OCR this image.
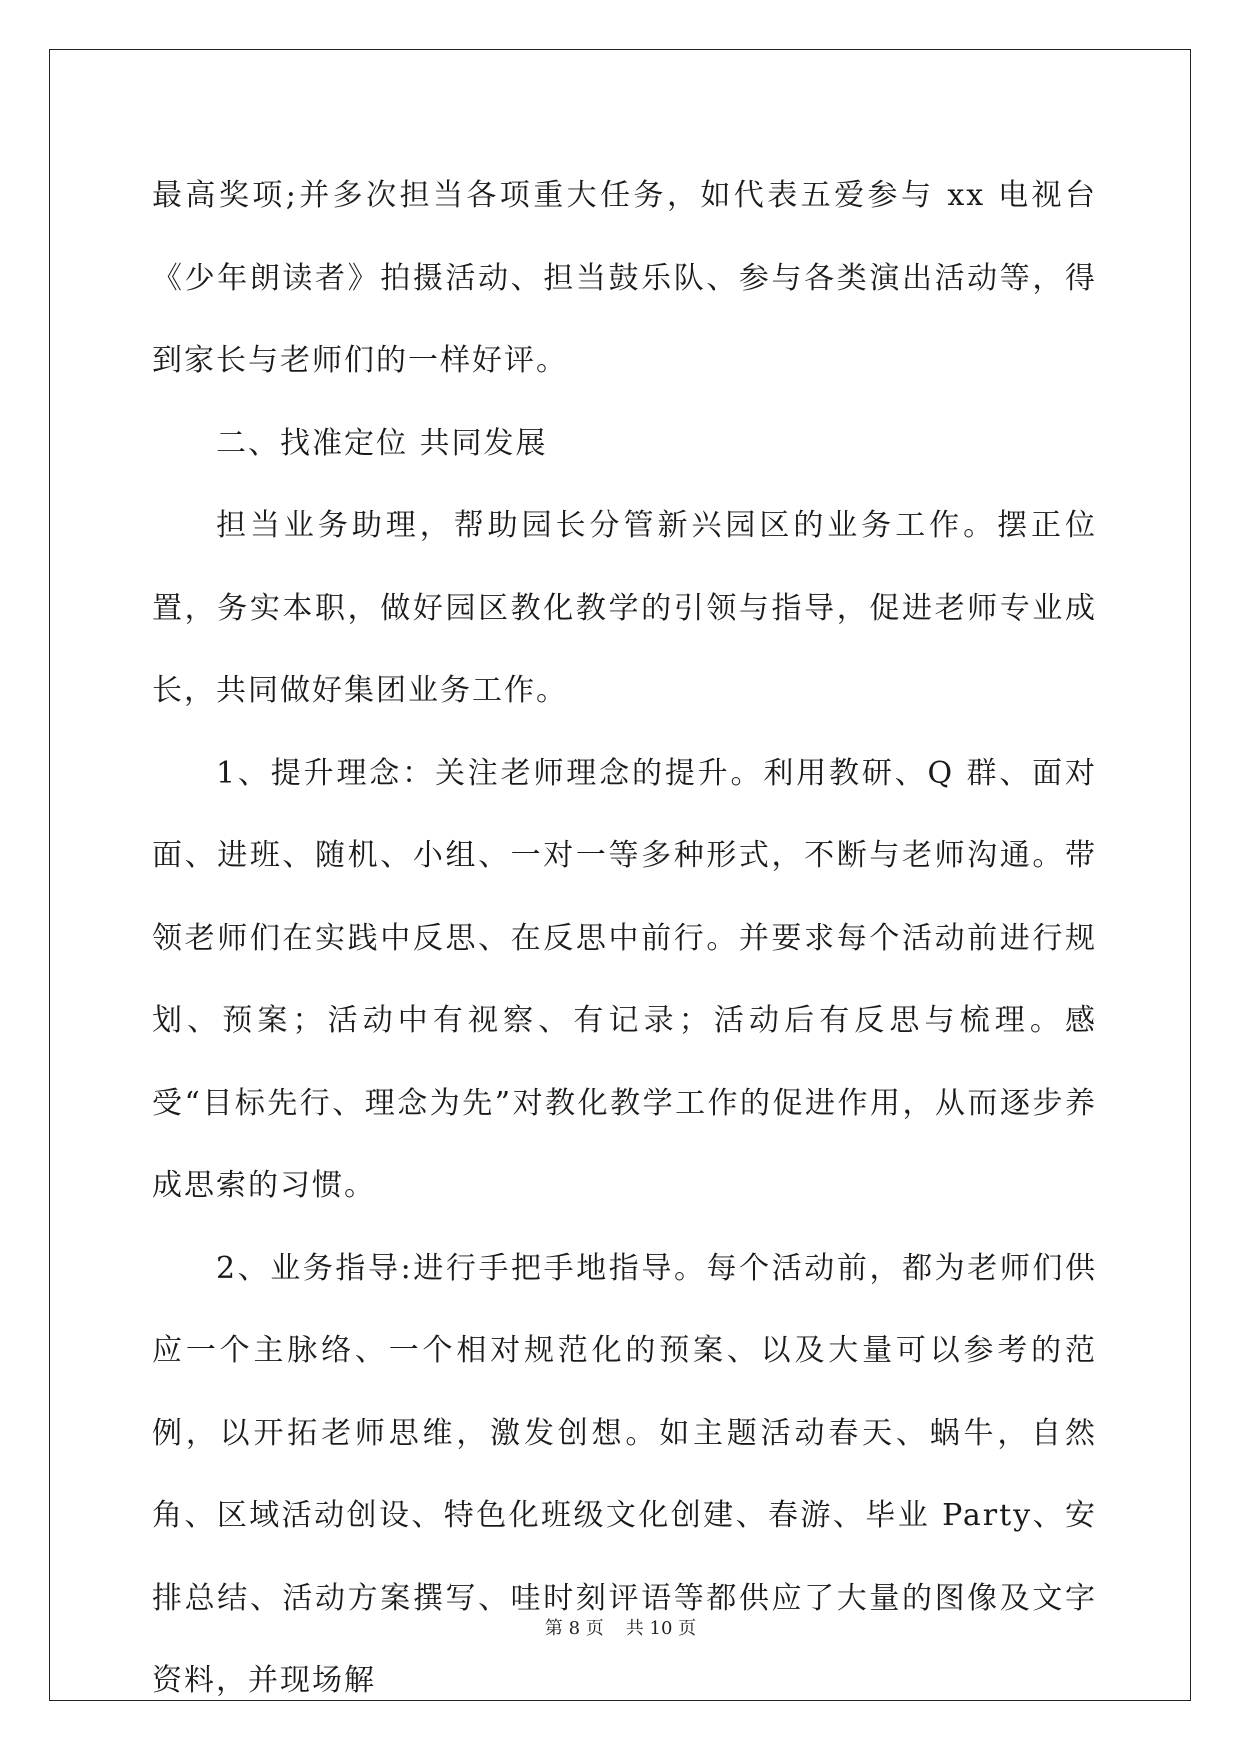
最高奖项;并多次担当各项重大任务，如代表五爱参与 xx 电视台《少年朗读者》拍摄活动、担当鼓乐队、参与各类演出活动等，得到家长与老师们的一样好评。

二、找准定位 共同发展

担当业务助理，帮助园长分管新兴园区的业务工作。摆正位置，务实本职，做好园区教化教学的引领与指导，促进老师专业成长，共同做好集团业务工作。

1、提升理念：关注老师理念的提升。利用教研、Q 群、面对面、进班、随机、小组、一对一等多种形式，不断与老师沟通。带领老师们在实践中反思、在反思中前行。并要求每个活动前进行规划、预案；活动中有视察、有记录；活动后有反思与梳理。感受“目标先行、理念为先”对教化教学工作的促进作用，从而逐步养成思索的习惯。

2、业务指导:进行手把手地指导。每个活动前，都为老师们供应一个主脉络、一个相对规范化的预案、以及大量可以参考的范例，以开拓老师思维，激发创想。如主题活动春天、蜗牛，自然角、区域活动创设、特色化班级文化创建、春游、毕业 Party、安排总结、活动方案撰写、哇时刻评语等都供应了大量的图像及文字资料，并现场解

第 8 页 共 10 页
